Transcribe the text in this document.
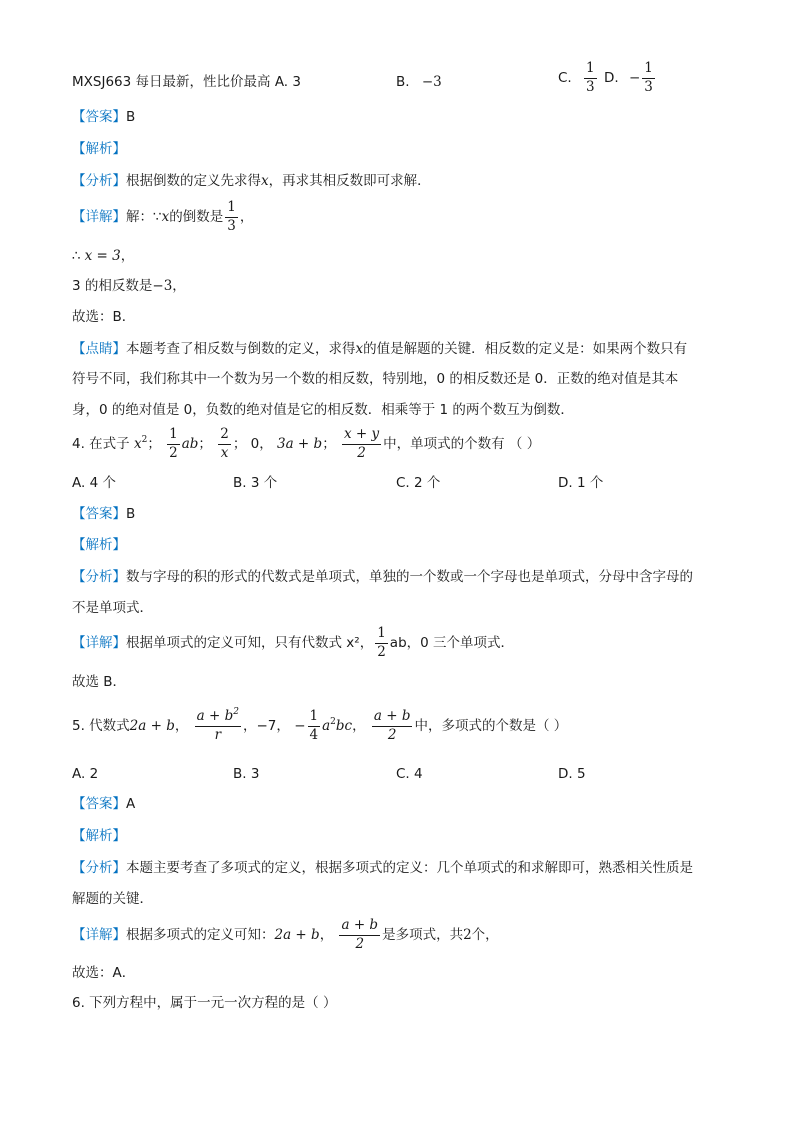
MXSJ663 每日最新，性比价最高 A. 3	B. −3	C. $\frac{1}{3} D$. − $\frac{1}{3}$
【答案】B
【解析】
【分析】根据倒数的定义先求得x，再求其相反数即可求解．
【详解】解：∵x的倒数是 $\frac{1}{3}$ ，
∴ x = 3，
3 的相反数是−3，
故选：B．
【点睛】本题考查了相反数与倒数的定义，求得x的值是解题的关键．相反数的定义是：如果两个数只有
符号不同，我们称其中一个数为另一个数的相反数，特别地，0 的相反数还是 0．正数的绝对值是其本
身，0 的绝对值是 0，负数的绝对值是它的相反数．相乘等于 1 的两个数互为倒数．
4. 在式子 $x^2$； $\frac{1}{2}$ ab； $\frac{2}{x}$ ； 0， 3a + b； $\frac{x + y}{2}$ 中，单项式的个数有 （ ）
A. 4 个	B. 3 个	C. 2 个	D. 1 个
【答案】B
【解析】
【分析】数与字母的积的形式的代数式是单项式，单独的一个数或一个字母也是单项式，分母中含字母的
不是单项式．
【详解】根据单项式的定义可知，只有代数式 x²， $\frac{1}{2}$ ab，0 三个单项式．
故选 B．
5. 代数式2a + b， $\frac{a + b^2}{r}$ ，−7， − $\frac{1}{4} a^2bc$， $\frac{a + b}{2}$ 中，多项式的个数是（ ）
A. 2	B. 3	C. 4	D. 5
【答案】A
【解析】
【分析】本题主要考查了多项式的定义，根据多项式的定义：几个单项式的和求解即可，熟悉相关性质是
解题的关键．
【详解】根据多项式的定义可知：2a + b， $\frac{a + b}{2}$ 是多项式，共2个，
故选：A．
6. 下列方程中，属于一元一次方程的是（ ）
